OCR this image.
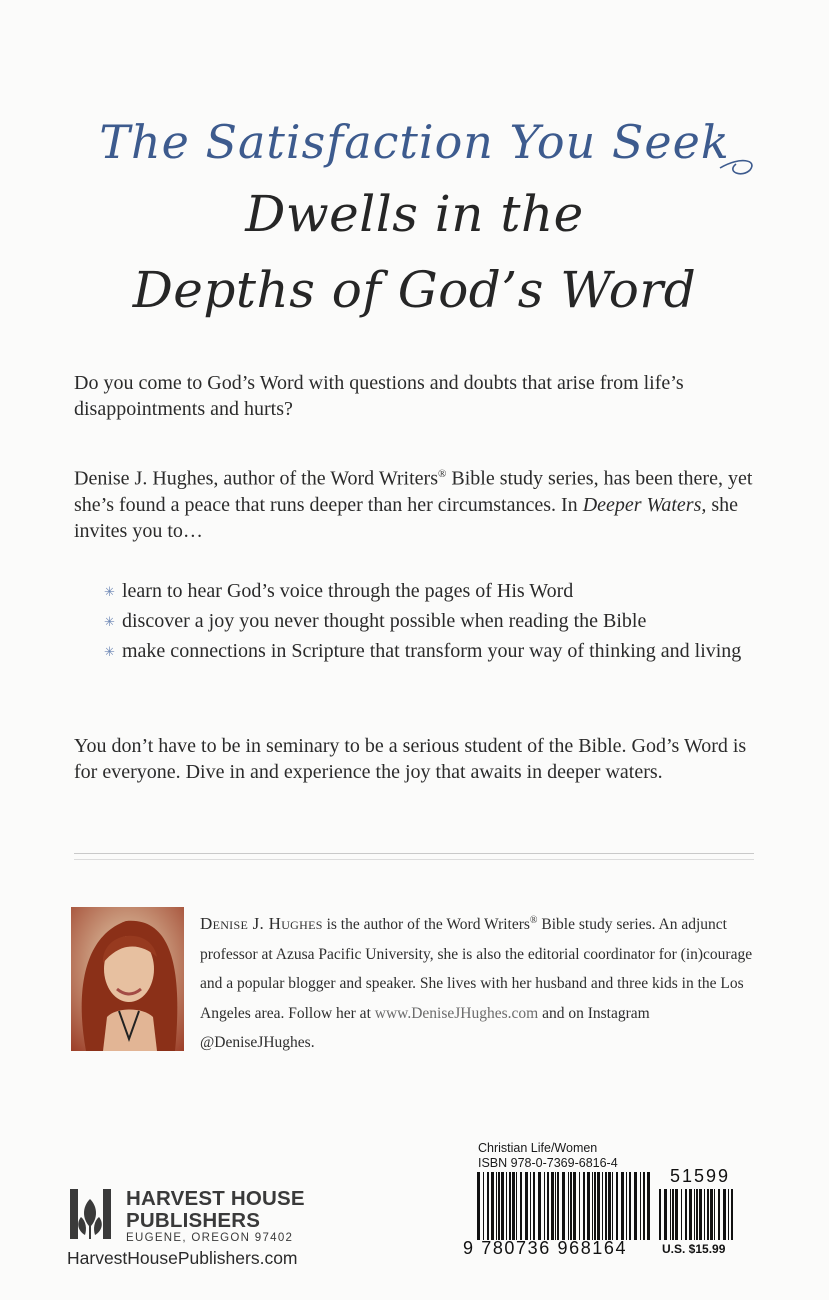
The Satisfaction You Seek
Dwells in the
Depths of God’s Word
Do you come to God’s Word with questions and doubts that arise from life’s disappointments and hurts?
Denise J. Hughes, author of the Word Writers® Bible study series, has been there, yet she’s found a peace that runs deeper than her circumstances. In Deeper Waters, she invites you to…
✳ learn to hear God’s voice through the pages of His Word
✳ discover a joy you never thought possible when reading the Bible
✳ make connections in Scripture that transform your way of thinking and living
You don’t have to be in seminary to be a serious student of the Bible. God’s Word is for everyone. Dive in and experience the joy that awaits in deeper waters.
Denise J. Hughes is the author of the Word Writers® Bible study series. An adjunct professor at Azusa Pacific University, she is also the editorial coordinator for (in)courage and a popular blogger and speaker. She lives with her husband and three kids in the Los Angeles area. Follow her at www.DeniseJHughes.com and on Instagram @DeniseJHughes.
HARVEST HOUSE
PUBLISHERS
EUGENE, OREGON 97402
HarvestHousePublishers.com
Christian Life/Women
ISBN 978-0-7369-6816-4
51599
9 780736 968164	U.S. $15.99
